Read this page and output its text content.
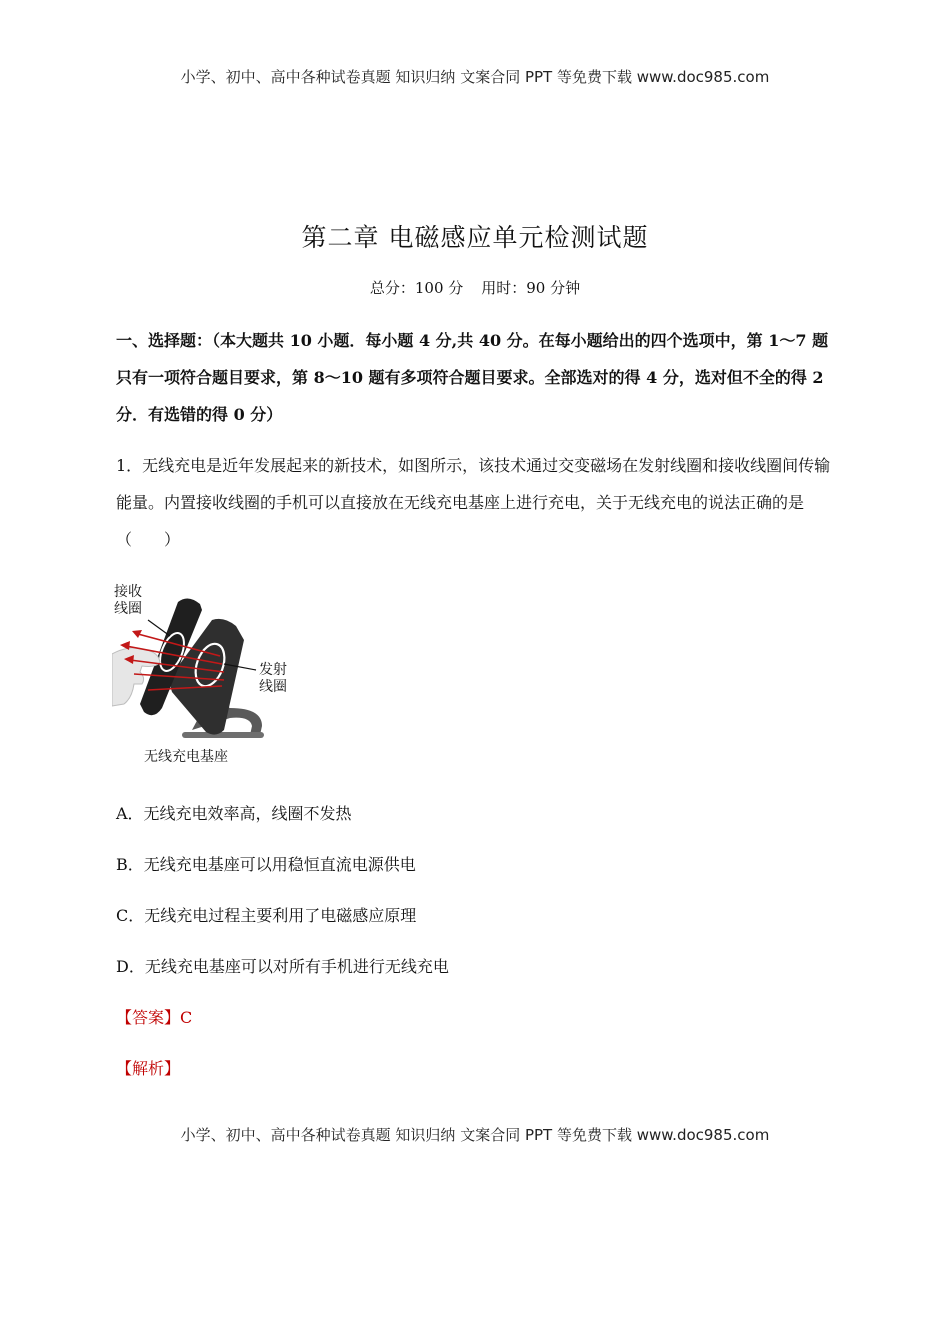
小学、初中、高中各种试卷真题 知识归纳 文案合同 PPT 等免费下载 www.doc985.com
第二章 电磁感应单元检测试题
总分：100 分 用时：90 分钟
一、选择题：（本大题共 10 小题．每小题 4 分,共 40 分。在每小题给出的四个选项中，第 1～7 题只有一项符合题目要求，第 8～10 题有多项符合题目要求。全部选对的得 4 分，选对但不全的得 2 分．有选错的得 0 分）
1．无线充电是近年发展起来的新技术，如图所示，该技术通过交变磁场在发射线圈和接收线圈间传输能量。内置接收线圈的手机可以直接放在无线充电基座上进行充电，关于无线充电的说法正确的是（　　）
接收
线圈
发射
线圈
无线充电基座
A．无线充电效率高，线圈不发热
B．无线充电基座可以用稳恒直流电源供电
C．无线充电过程主要利用了电磁感应原理
D．无线充电基座可以对所有手机进行无线充电
【答案】C
【解析】
小学、初中、高中各种试卷真题 知识归纳 文案合同 PPT 等免费下载 www.doc985.com
